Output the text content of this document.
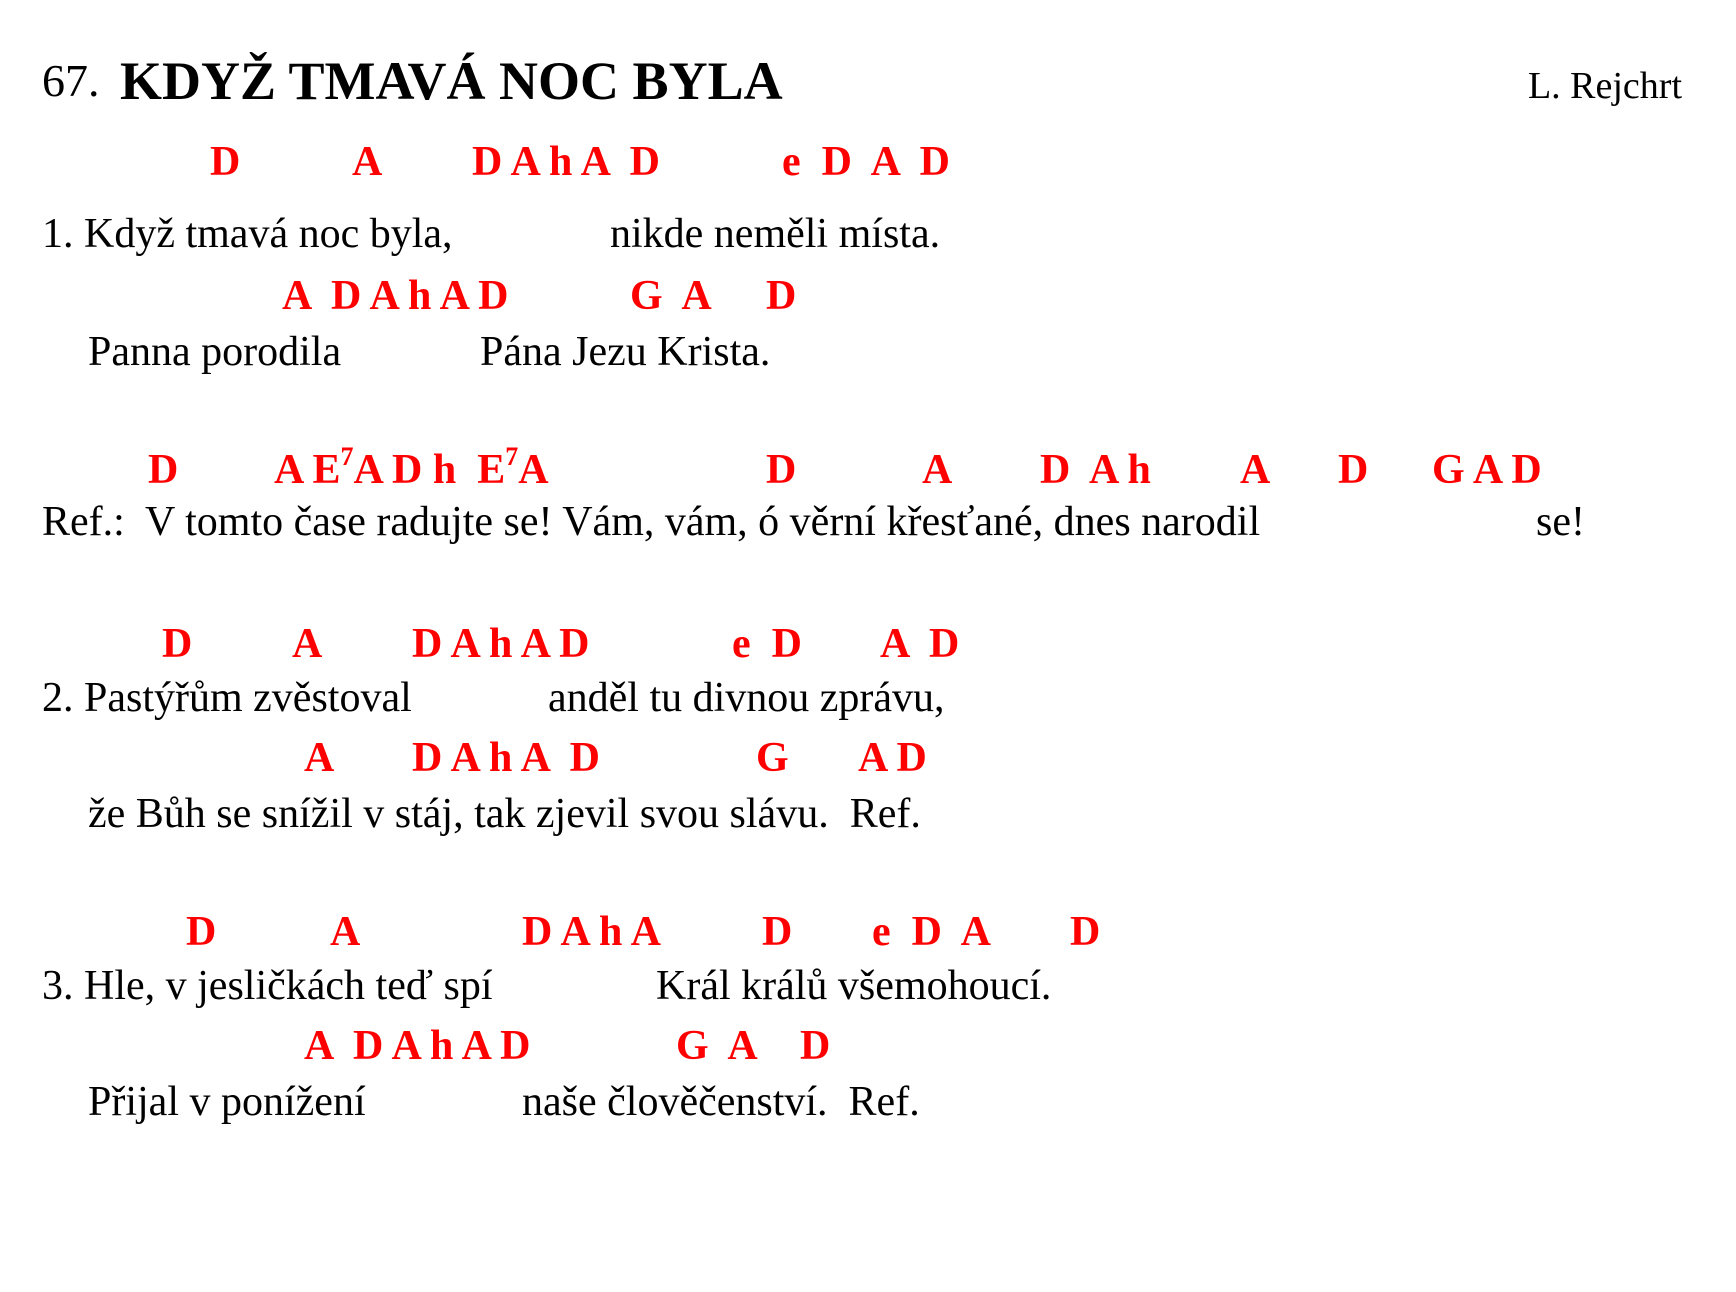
67. KDYŽ TMAVÁ NOC BYLA	L. Rejchrt

D

	A

D A h A  D

	e  D  A  D

1. Když tmavá noc byla,

	nikde neměli místa.

A  D A h A D

	G  A

D

Panna porodila

	Pána Jezu Krista.

D

A $E^7A$ D h  $E^7A$

	D

	A

D  A h

A

D

G A D

Ref.:  V tomto čase radujte se! Vám, vám, ó věrní křesťané, dnes narodil

	se!

D

A

D A h A D

	e  D

A  D

2. Pastýřům zvěstoval

	anděl tu divnou zprávu,

A

D A h A  D

	G

A D

že Bůh se snížil v stáj, tak zjevil svou slávu.  Ref.

D

	A

	D A h A

D

e  D  A

D

3. Hle, v jesličkách teď spí

	Král králů všemohoucí.

A  D A h A D

	G  A

D

Přijal v ponížení

	naše člověčenství.  Ref.
